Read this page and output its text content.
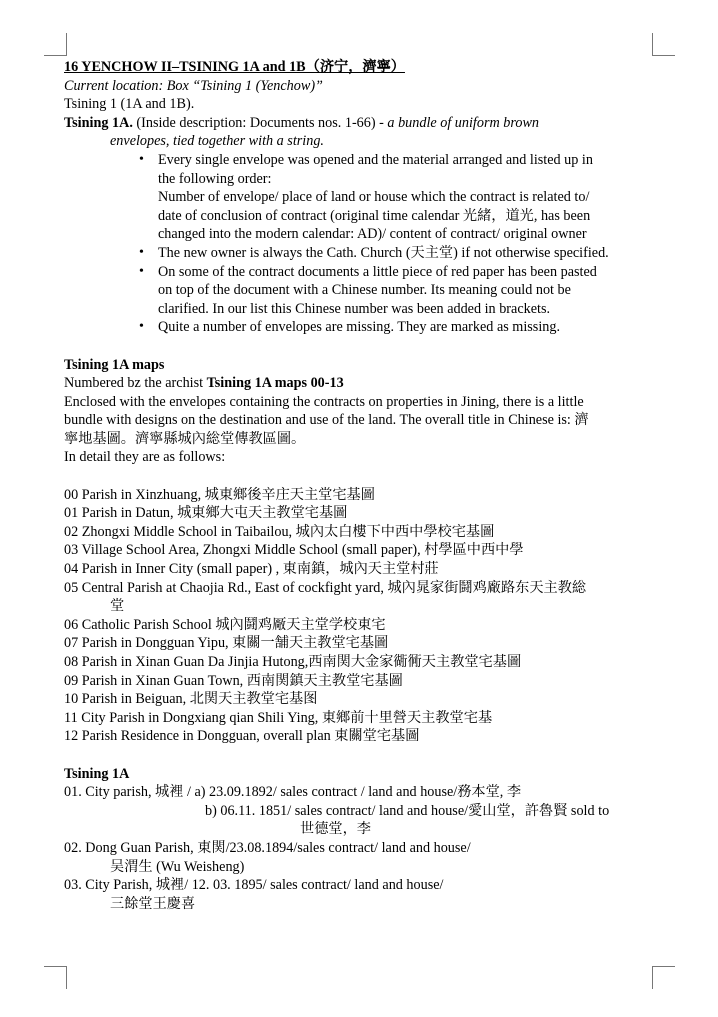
16 YENCHOW II–TSINING 1A and 1B（济宁，濟寧）

Current location: Box “Tsining 1 (Yenchow)”

Tsining 1 (1A and 1B).

Tsining 1A. (Inside description: Documents nos. 1-66) - a bundle of uniform brown

envelopes, tied together with a string.

• Every single envelope was opened and the material arranged and listed up in
the following order:
Number of envelope/ place of land or house which the contract is related to/
date of conclusion of contract (original time calendar 光緒，道光, has been
changed into the modern calendar: AD)/ content of contract/ original owner
• The new owner is always the Cath. Church (天主堂) if not otherwise specified.
• On some of the contract documents a little piece of red paper has been pasted
on top of the document with a Chinese number. Its meaning could not be
clarified. In our list this Chinese number was been added in brackets.
• Quite a number of envelopes are missing. They are marked as missing.

Tsining 1A maps

Numbered bz the archist Tsining 1A maps 00-13

Enclosed with the envelopes containing the contracts on properties in Jining, there is a little

bundle with designs on the destination and use of the land. The overall title in Chinese is: 濟

寧地基圖。濟寧縣城內総堂傳教區圖。

In detail they are as follows:

00 Parish in Xinzhuang, 城東鄉後辛庄天主堂宅基圖

01 Parish in Datun, 城東鄉大屯天主教堂宅基圖

02 Zhongxi Middle School in Taibailou, 城內太白樓下中西中學校宅基圖

03 Village School Area, Zhongxi Middle School (small paper), 村學區中西中學

04 Parish in Inner City (small paper) , 東南鎮，城內天主堂村莊

05 Central Parish at Chaojia Rd., East of cockfight yard, 城內晁家街鬪鸡廠路东天主教総

堂

06 Catholic Parish School 城內鬪鸡厰天主堂学校東宅

07 Parish in Dongguan Yipu, 東關一舗天主教堂宅基圖

08 Parish in Xinan Guan Da Jinjia Hutong,西南関大金家衚衕天主教堂宅基圖

09 Parish in Xinan Guan Town, 西南関鎮天主教堂宅基圖

10 Parish in Beiguan, 北関天主教堂宅基图

11 City Parish in Dongxiang qian Shili Ying, 東鄉前十里營天主教堂宅基

12 Parish Residence in Dongguan, overall plan 東關堂宅基圖

Tsining 1A

01. City parish, 城裡 / a) 23.09.1892/ sales contract / land and house/務本堂, 李

b) 06.11. 1851/ sales contract/ land and house/愛山堂，許魯賢 sold to

世德堂，李

02. Dong Guan Parish, 東関/23.08.1894/sales contract/ land and house/

吴渭生 (Wu Weisheng)

03. City Parish, 城裡/ 12. 03. 1895/ sales contract/ land and house/

三餘堂王慶喜
